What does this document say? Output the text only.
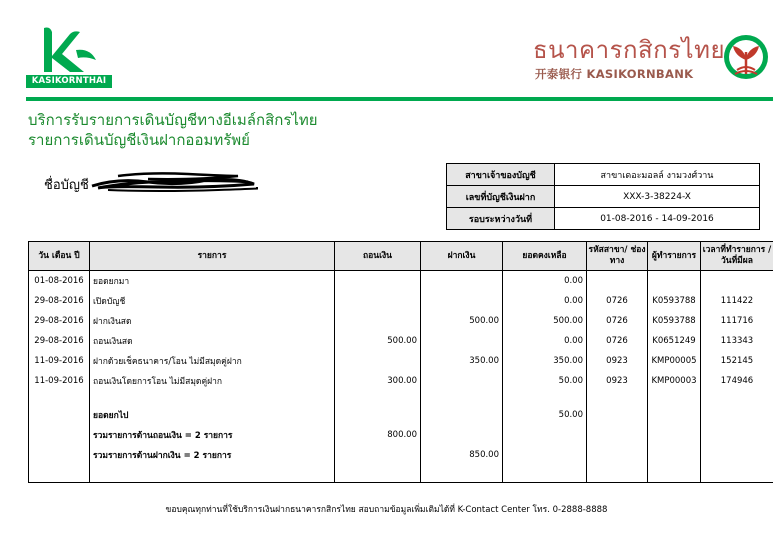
KASIKORNTHAI
ธนาคารกสิกรไทย
开泰银行 KASIKORNBANK
บริการรับรายการเดินบัญชีทางอีเมล์กสิกรไทย
รายการเดินบัญชีเงินฝากออมทรัพย์
ชื่อบัญชี
สาขาเจ้าของบัญชี	สาขาเดอะมอลล์ งามวงศ์วาน
เลขที่บัญชีเงินฝาก	XXX-3-38224-X
รอบระหว่างวันที่	01-08-2016 - 14-09-2016
วัน เดือน ปี	รายการ	ถอนเงิน	ฝากเงิน	ยอดคงเหลือ	รหัสสาขา/ ช่องทาง	ผู้ทำรายการ	เวลาที่ทำรายการ / วันที่มีผล
01-08-2016	ยอดยกมา			0.00			
29-08-2016	เปิดบัญชี			0.00	0726	K0593788	111422
29-08-2016	ฝากเงินสด		500.00	500.00	0726	K0593788	111716
29-08-2016	ถอนเงินสด	500.00		0.00	0726	K0651249	113343
11-09-2016	ฝากด้วยเช็คธนาคาร/โอน ไม่มีสมุดคู่ฝาก		350.00	350.00	0923	KMP00005	152145
11-09-2016	ถอนเงินโดยการโอน ไม่มีสมุดคู่ฝาก	300.00		50.00	0923	KMP00003	174946

	ยอดยกไป			50.00			
	รวมรายการด้านถอนเงิน = 2 รายการ	800.00					
	รวมรายการด้านฝากเงิน = 2 รายการ		850.00				

ขอบคุณทุกท่านที่ใช้บริการเงินฝากธนาคารกสิกรไทย สอบถามข้อมูลเพิ่มเติมได้ที่ K-Contact Center โทร. 0-2888-8888
